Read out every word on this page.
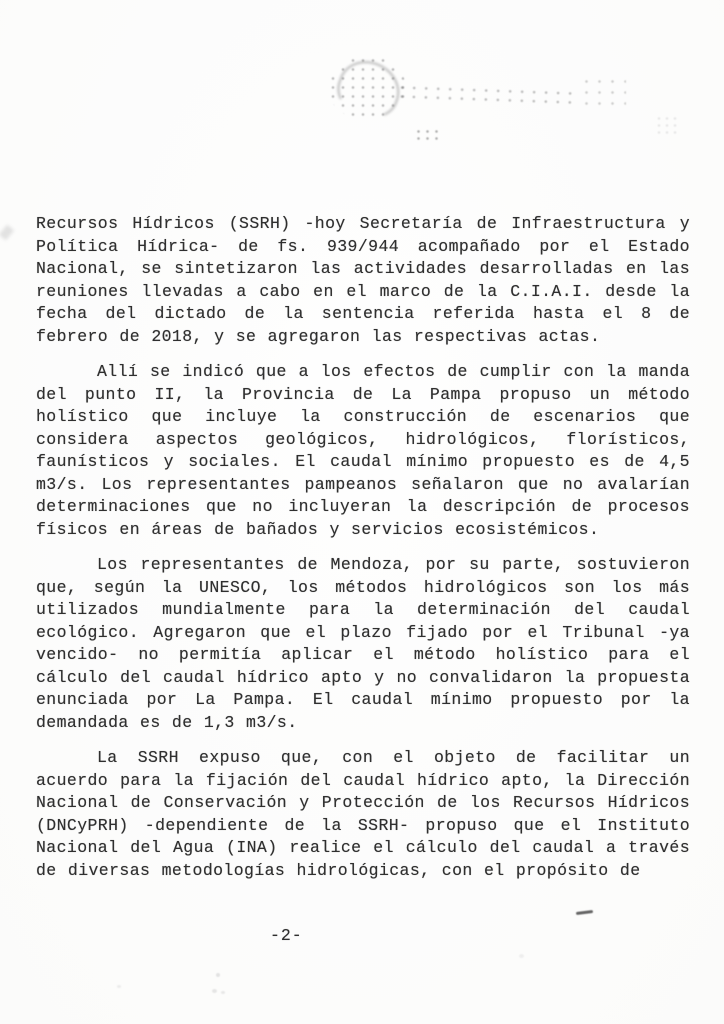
Recursos Hídricos (SSRH) -hoy Secretaría de Infraestructura y Política Hídrica- de fs. 939/944 acompañado por el Estado Nacional, se sintetizaron las actividades desarrolladas en las reuniones llevadas a cabo en el marco de la C.I.A.I. desde la fecha del dictado de la sentencia referida hasta el 8 de febrero de 2018, y se agregaron las respectivas actas.

Allí se indicó que a los efectos de cumplir con la manda del punto II, la Provincia de La Pampa propuso un método holístico que incluye la construcción de escenarios que considera aspectos geológicos, hidrológicos, florísticos, faunísticos y sociales. El caudal mínimo propuesto es de 4,5 m3/s. Los representantes pampeanos señalaron que no avalarían determinaciones que no incluyeran la descripción de procesos físicos en áreas de bañados y servicios ecosistémicos.

Los representantes de Mendoza, por su parte, sostuvieron que, según la UNESCO, los métodos hidrológicos son los más utilizados mundialmente para la determinación del caudal ecológico. Agregaron que el plazo fijado por el Tribunal -ya vencido- no permitía aplicar el método holístico para el cálculo del caudal hídrico apto y no convalidaron la propuesta enunciada por La Pampa. El caudal mínimo propuesto por la demandada es de 1,3 m3/s.

La SSRH expuso que, con el objeto de facilitar un acuerdo para la fijación del caudal hídrico apto, la Dirección Nacional de Conservación y Protección de los Recursos Hídricos (DNCyPRH) -dependiente de la SSRH- propuso que el Instituto Nacional del Agua (INA) realice el cálculo del caudal a través de diversas metodologías hidrológicas, con el propósito de

-2-
